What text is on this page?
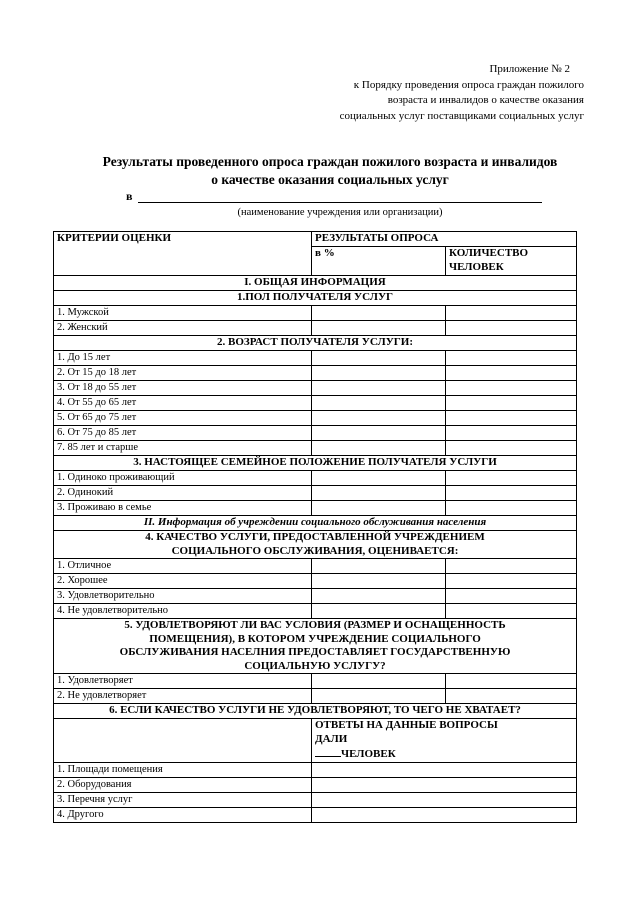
Приложение № 2
к Порядку проведения опроса граждан пожилого
возраста и инвалидов о качестве оказания
социальных услуг поставщиками социальных услуг
Результаты проведенного опроса граждан пожилого возраста и инвалидов
о качестве оказания социальных услуг
в
(наименование учреждения или организации)
КРИТЕРИИ ОЦЕНКИ	РЕЗУЛЬТАТЫ ОПРОСА	
	в %	КОЛИЧЕСТВО ЧЕЛОВЕК
I. ОБЩАЯ ИНФОРМАЦИЯ		
1.ПОЛ ПОЛУЧАТЕЛЯ УСЛУГ		
1. Мужской		
2. Женский		
2. ВОЗРАСТ ПОЛУЧАТЕЛЯ УСЛУГИ:		
1. До 15 лет		
2. От 15 до 18 лет		
3. От 18 до 55 лет		
4. От 55 до 65 лет		
5. От 65 до 75 лет		
6. От 75 до 85 лет		
7. 85 лет и старше		
3. НАСТОЯЩЕЕ СЕМЕЙНОЕ ПОЛОЖЕНИЕ ПОЛУЧАТЕЛЯ УСЛУГИ		
1. Одиноко проживающий		
2. Одинокий		
3. Проживаю в семье		
II. Информация об учреждении социального обслуживания населения		

4. КАЧЕСТВО УСЛУГИ, ПРЕДОСТАВЛЕННОЙ УЧРЕЖДЕНИЕМ
СОЦИАЛЬНОГО ОБСЛУЖИВАНИЯ, ОЦЕНИВАЕТСЯ:		

1. Отличное		
2. Хорошее		
3. Удовлетворительно		
4. Не удовлетворительно		

5. УДОВЛЕТВОРЯЮТ ЛИ ВАС УСЛОВИЯ (РАЗМЕР И ОСНАЩЕННОСТЬ
ПОМЕЩЕНИЯ), В КОТОРОМ УЧРЕЖДЕНИЕ СОЦИАЛЬНОГО
ОБСЛУЖИВАНИЯ НАСЕЛНИЯ ПРЕДОСТАВЛЯЕТ ГОСУДАРСТВЕННУЮ
СОЦИАЛЬНУЮ УСЛУГУ?		

1. Удовлетворяет		
2. Не удовлетворяет		
6. ЕСЛИ КАЧЕСТВО УСЛУГИ НЕ УДОВЛЕТВОРЯЮТ, ТО ЧЕГО НЕ ХВАТАЕТ?		

	ОТВЕТЫ НА ДАННЫЕ ВОПРОСЫ
ДАЛИ
ЧЕЛОВЕК	

1. Площади помещения		
2. Оборудования		
3. Перечня услуг		
4. Другого		
